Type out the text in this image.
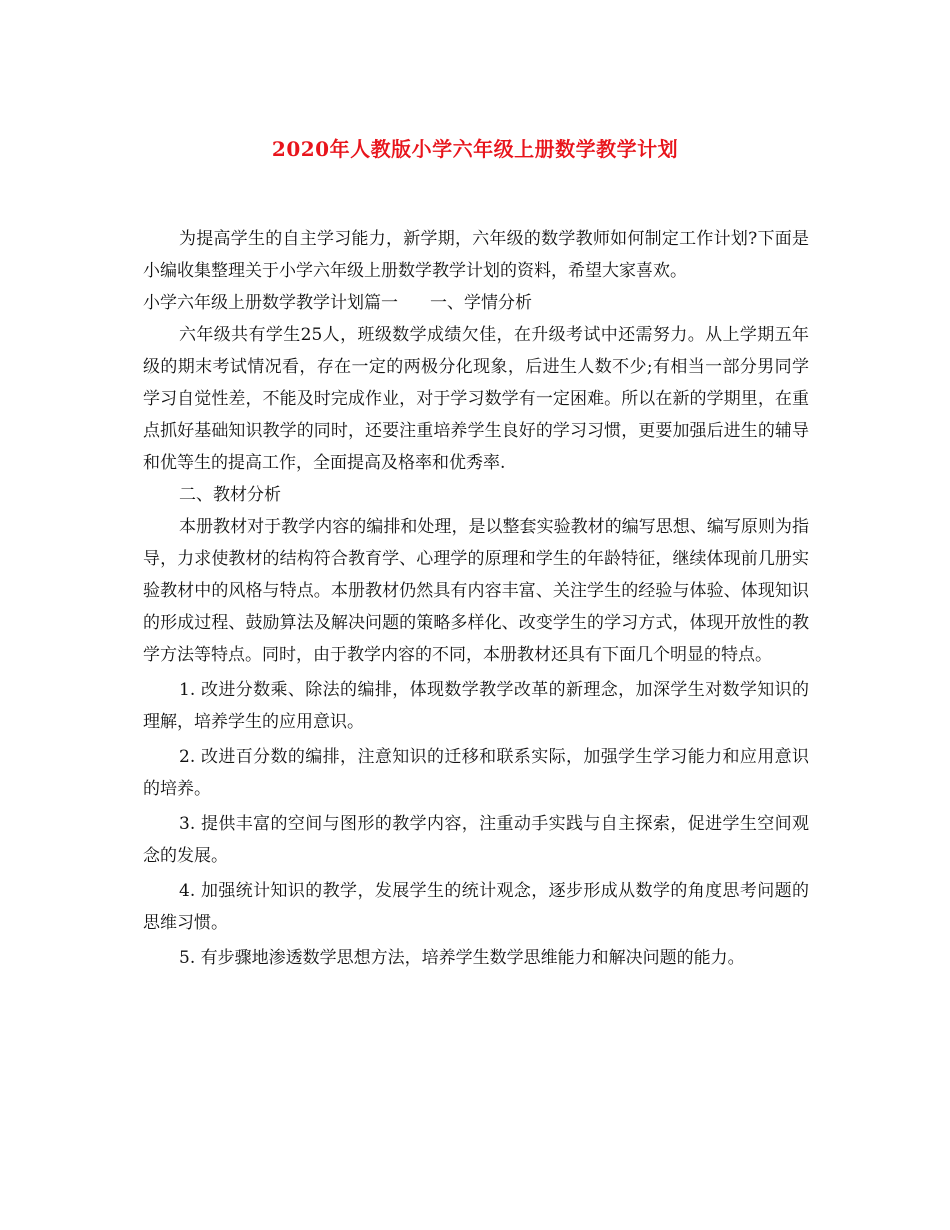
2020年人教版小学六年级上册数学教学计划

为提高学生的自主学习能力，新学期，六年级的数学教师如何制定工作计划?下面是小编收集整理关于小学六年级上册数学教学计划的资料，希望大家喜欢。

小学六年级上册数学教学计划篇一 一、学情分析

六年级共有学生25人，班级数学成绩欠佳，在升级考试中还需努力。从上学期五年级的期末考试情况看，存在一定的两极分化现象，后进生人数不少;有相当一部分男同学学习自觉性差，不能及时完成作业，对于学习数学有一定困难。所以在新的学期里，在重点抓好基础知识教学的同时，还要注重培养学生良好的学习习惯，更要加强后进生的辅导和优等生的提高工作，全面提高及格率和优秀率.

二、教材分析

本册教材对于教学内容的编排和处理，是以整套实验教材的编写思想、编写原则为指导，力求使教材的结构符合教育学、心理学的原理和学生的年龄特征，继续体现前几册实验教材中的风格与特点。本册教材仍然具有内容丰富、关注学生的经验与体验、体现知识的形成过程、鼓励算法及解决问题的策略多样化、改变学生的学习方式，体现开放性的教学方法等特点。同时，由于教学内容的不同，本册教材还具有下面几个明显的特点。

1. 改进分数乘、除法的编排，体现数学教学改革的新理念，加深学生对数学知识的理解，培养学生的应用意识。

2. 改进百分数的编排，注意知识的迁移和联系实际，加强学生学习能力和应用意识的培养。

3. 提供丰富的空间与图形的教学内容，注重动手实践与自主探索，促进学生空间观念的发展。

4. 加强统计知识的教学，发展学生的统计观念，逐步形成从数学的角度思考问题的思维习惯。

5. 有步骤地渗透数学思想方法，培养学生数学思维能力和解决问题的能力。
